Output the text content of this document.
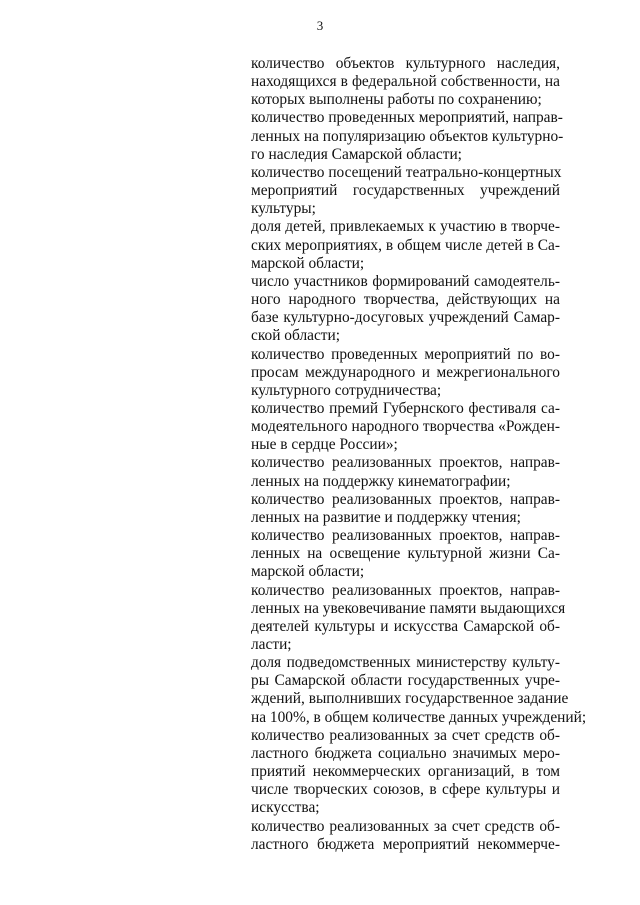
3
количество объектов культурного наследия,
находящихся в федеральной собственности, на
которых выполнены работы по сохранению;
количество проведенных мероприятий, направ-
ленных на популяризацию объектов культурно-
го наследия Самарской области;
количество посещений театрально-концертных
мероприятий государственных учреждений
культуры;
доля детей, привлекаемых к участию в творче-
ских мероприятиях, в общем числе детей в Са-
марской области;
число участников формирований самодеятель-
ного народного творчества, действующих на
базе культурно-досуговых учреждений Самар-
ской области;
количество проведенных мероприятий по во-
просам международного и межрегионального
культурного сотрудничества;
количество премий Губернского фестиваля са-
модеятельного народного творчества «Рожден-
ные в сердце России»;
количество реализованных проектов, направ-
ленных на поддержку кинематографии;
количество реализованных проектов, направ-
ленных на развитие и поддержку чтения;
количество реализованных проектов, направ-
ленных на освещение культурной жизни Са-
марской области;
количество реализованных проектов, направ-
ленных на увековечивание памяти выдающихся
деятелей культуры и искусства Самарской об-
ласти;
доля подведомственных министерству культу-
ры Самарской области государственных учре-
ждений, выполнивших государственное задание
на 100%, в общем количестве данных учреждений;
количество реализованных за счет средств об-
ластного бюджета социально значимых меро-
приятий некоммерческих организаций, в том
числе творческих союзов, в сфере культуры и
искусства;
количество реализованных за счет средств об-
ластного бюджета мероприятий некоммерче-
